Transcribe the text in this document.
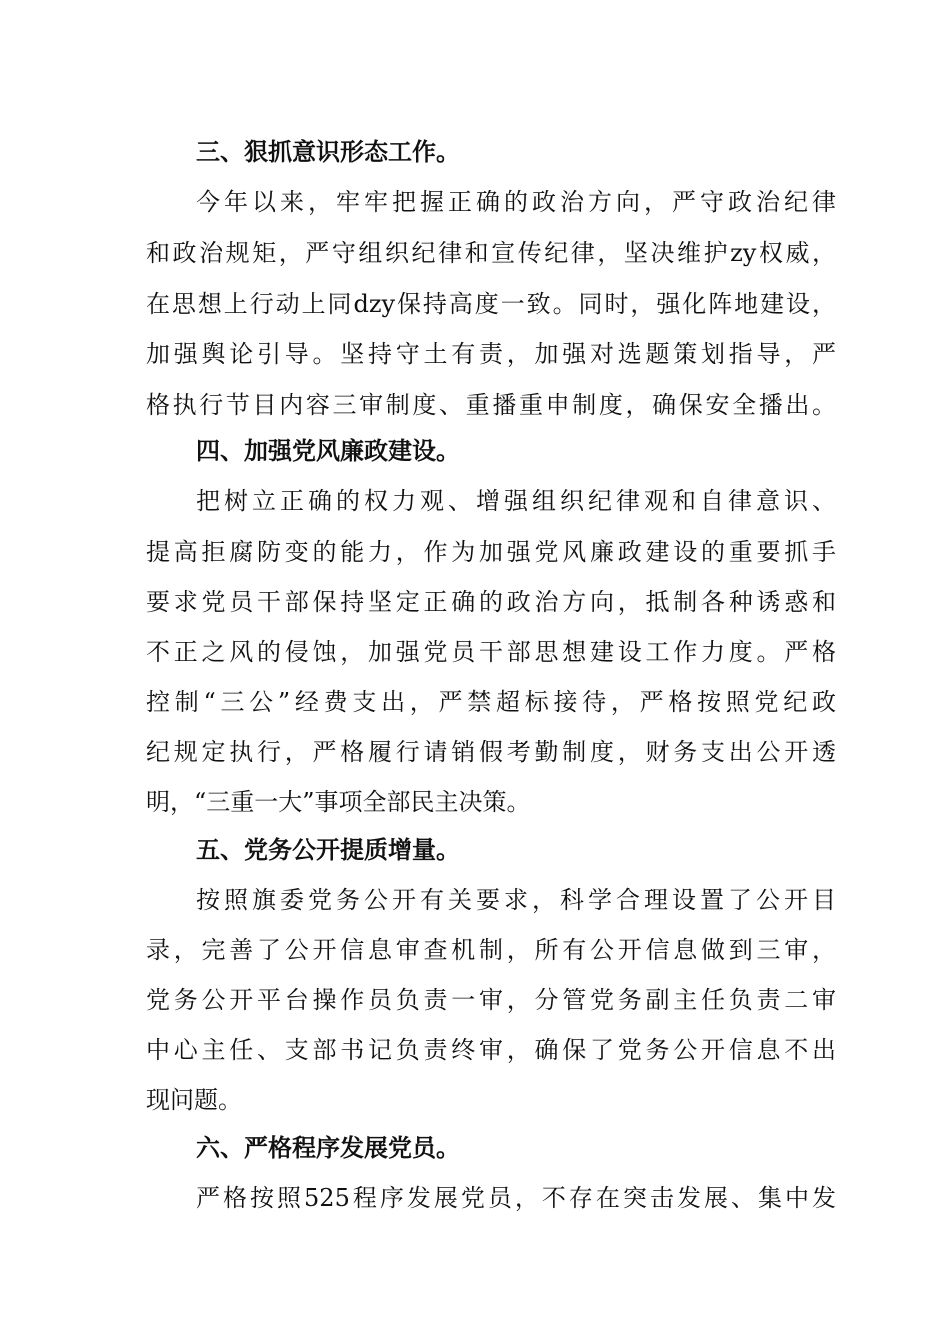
三、狠抓意识形态工作。
今年以来，牢牢把握正确的政治方向，严守政治纪律
和政治规矩，严守组织纪律和宣传纪律，坚决维护zy权威，
在思想上行动上同dzy保持高度一致。同时，强化阵地建设，
加强舆论引导。坚持守土有责，加强对选题策划指导，严
格执行节目内容三审制度、重播重申制度，确保安全播出。
四、加强党风廉政建设。
把树立正确的权力观、增强组织纪律观和自律意识、
提高拒腐防变的能力，作为加强党风廉政建设的重要抓手
要求党员干部保持坚定正确的政治方向，抵制各种诱惑和
不正之风的侵蚀，加强党员干部思想建设工作力度。严格
控制“三公”经费支出，严禁超标接待，严格按照党纪政
纪规定执行，严格履行请销假考勤制度，财务支出公开透
明，“三重一大”事项全部民主决策。
五、党务公开提质增量。
按照旗委党务公开有关要求，科学合理设置了公开目
录，完善了公开信息审查机制，所有公开信息做到三审，
党务公开平台操作员负责一审，分管党务副主任负责二审
中心主任、支部书记负责终审，确保了党务公开信息不出
现问题。
六、严格程序发展党员。
严格按照525程序发展党员，不存在突击发展、集中发
